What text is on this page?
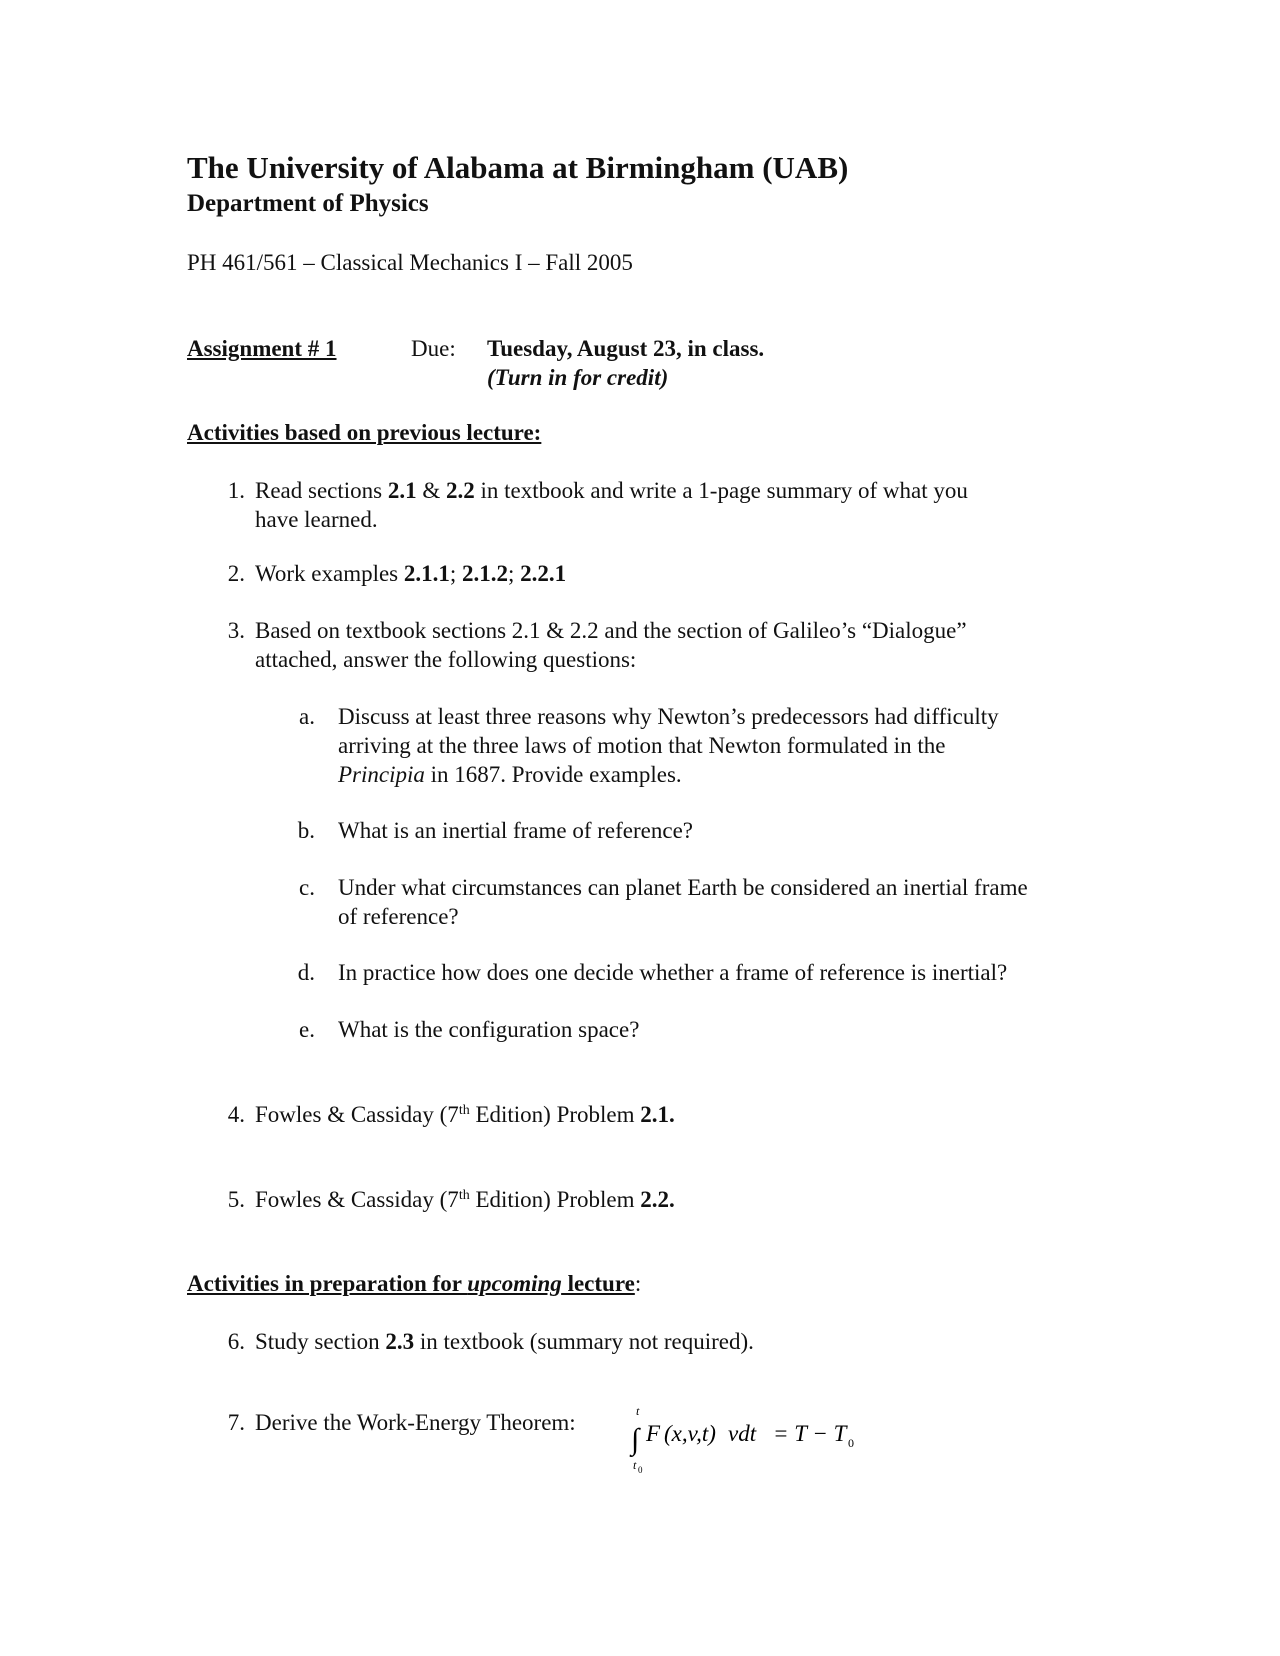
The University of Alabama at Birmingham (UAB)
Department of Physics
PH 461/561 – Classical Mechanics I – Fall 2005
Assignment # 1	Due: Tuesday, August 23, in class.
(Turn in for credit)
Activities based on previous lecture:
1. Read sections 2.1 & 2.2 in textbook and write a 1-page summary of what you
have learned.
2. Work examples 2.1.1; 2.1.2; 2.2.1
3. Based on textbook sections 2.1 & 2.2 and the section of Galileo’s “Dialogue”
attached, answer the following questions:
a. Discuss at least three reasons why Newton’s predecessors had difficulty
arriving at the three laws of motion that Newton formulated in the
Principia in 1687. Provide examples.
b. What is an inertial frame of reference?
c. Under what circumstances can planet Earth be considered an inertial frame
of reference?
d. In practice how does one decide whether a frame of reference is inertial?
e. What is the configuration space?
4. Fowles & Cassiday (7th Edition) Problem 2.1.
5. Fowles & Cassiday (7th Edition) Problem 2.2.
Activities in preparation for upcoming lecture:
6. Study section 2.3 in textbook (summary not required).
7. Derive the Work-Energy Theorem:	t
∫
t 0
F (x,v,t) vdt = T − T 0
